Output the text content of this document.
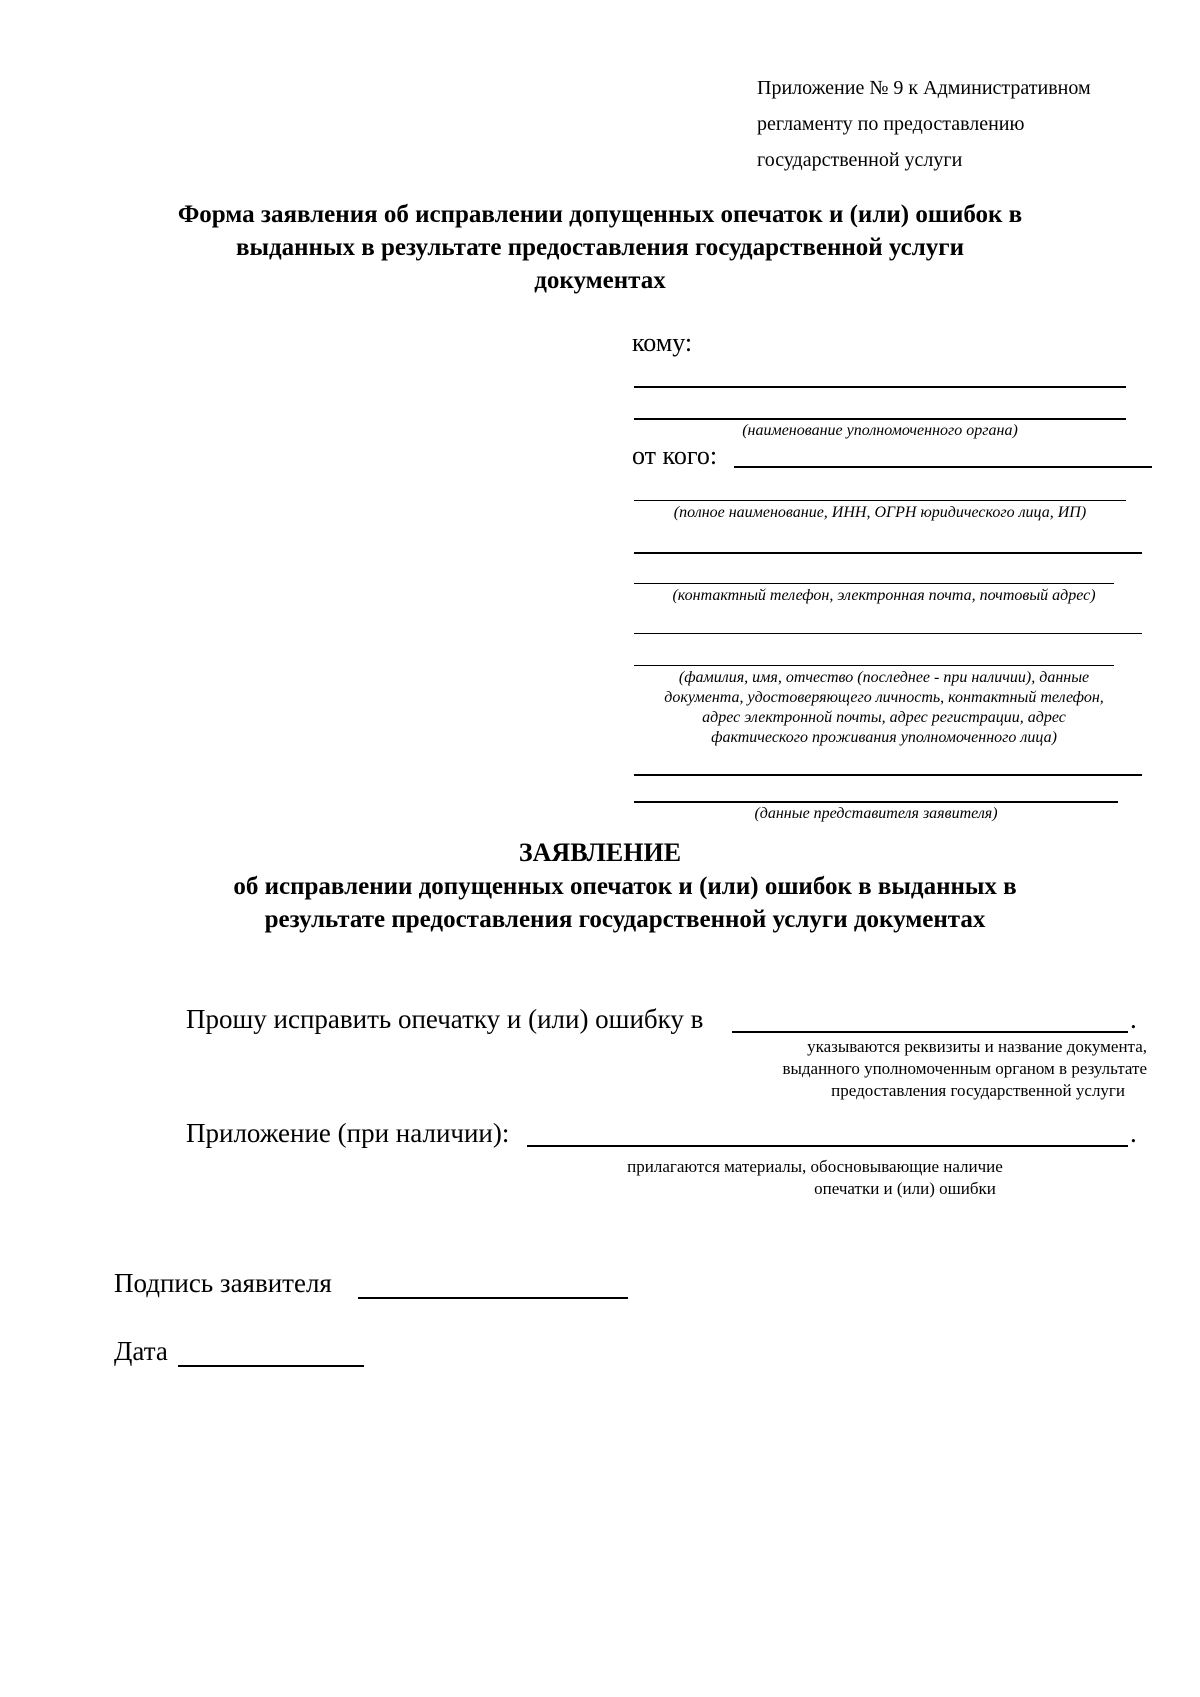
Приложение № 9 к Административном
регламенту по предоставлению
государственной услуги
Форма заявления об исправлении допущенных опечаток и (или) ошибок в
выданных в результате предоставления государственной услуги
документах
кому:
(наименование уполномоченного органа)
от кого:
(полное наименование, ИНН, ОГРН юридического лица, ИП)
(контактный телефон, электронная почта, почтовый адрес)
(фамилия, имя, отчество (последнее - при наличии), данные
документа, удостоверяющего личность, контактный телефон,
адрес электронной почты, адрес регистрации, адрес
фактического проживания уполномоченного лица)
(данные представителя заявителя)
ЗАЯВЛЕНИЕ
об исправлении допущенных опечаток и (или) ошибок в выданных в
результате предоставления государственной услуги документах
Прошу исправить опечатку и (или) ошибку в	.
указываются реквизиты и название документа,
выданного уполномоченным органом в результате
предоставления государственной услуги
Приложение (при наличии):	.
прилагаются материалы, обосновывающие наличие
опечатки и (или) ошибки
Подпись заявителя
Дата
